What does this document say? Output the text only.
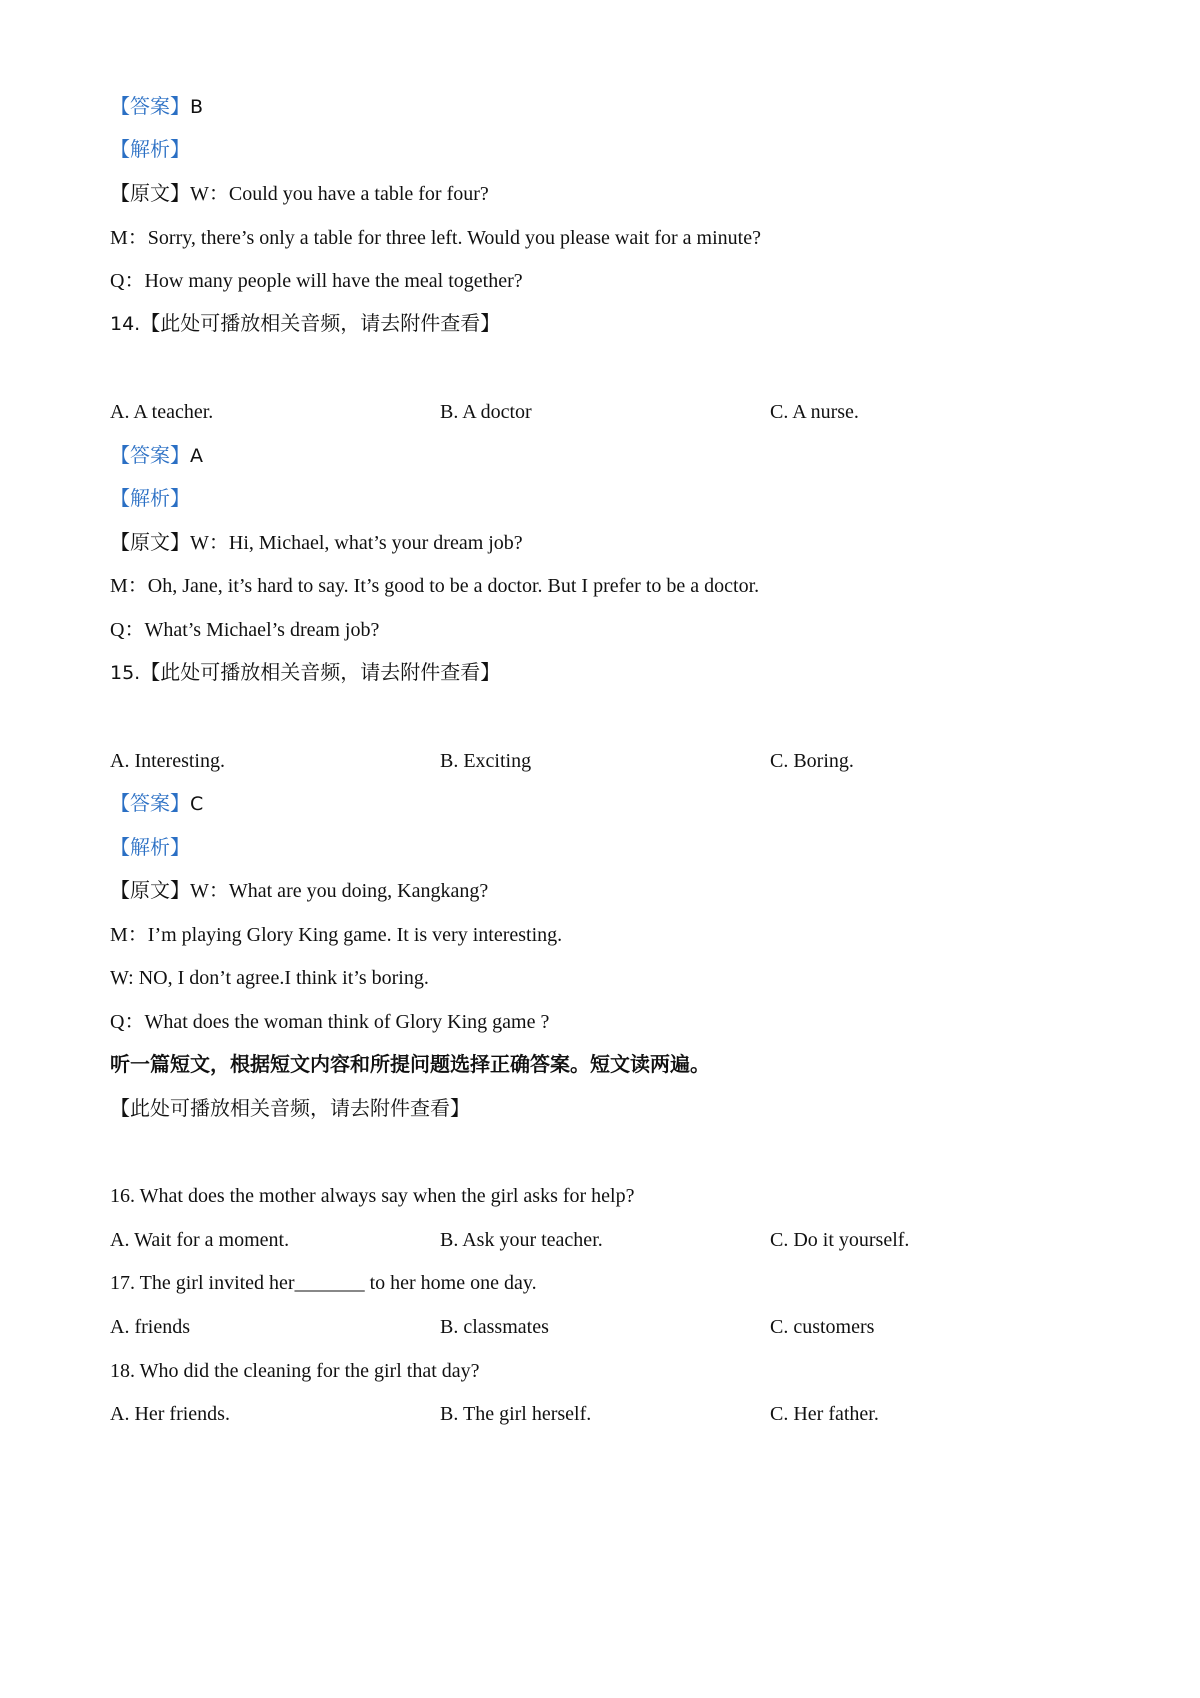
【答案】B
【解析】
【原文】W：Could you have a table for four?
M：Sorry, there’s only a table for three left. Would you please wait for a minute?
Q：How many people will have the meal together?
14.【此处可播放相关音频，请去附件查看】
A. A teacher.	B. A doctor	C. A nurse.
【答案】A
【解析】
【原文】W：Hi, Michael, what’s your dream job?
M：Oh, Jane, it’s hard to say. It’s good to be a doctor. But I prefer to be a doctor.
Q：What’s Michael’s dream job?
15.【此处可播放相关音频，请去附件查看】
A. Interesting.	B. Exciting	C. Boring.
【答案】C
【解析】
【原文】W：What are you doing, Kangkang?
M：I’m playing Glory King game. It is very interesting.
W: NO, I don’t agree.I think it’s boring.
Q：What does the woman think of Glory King game ?
听一篇短文，根据短文内容和所提问题选择正确答案。短文读两遍。
【此处可播放相关音频，请去附件查看】
16. What does the mother always say when the girl asks for help?
A. Wait for a moment.	B. Ask your teacher.	C. Do it yourself.
17. The girl invited her_______ to her home one day.
A. friends	B. classmates	C. customers
18. Who did the cleaning for the girl that day?
A. Her friends.	B. The girl herself.	C. Her father.
